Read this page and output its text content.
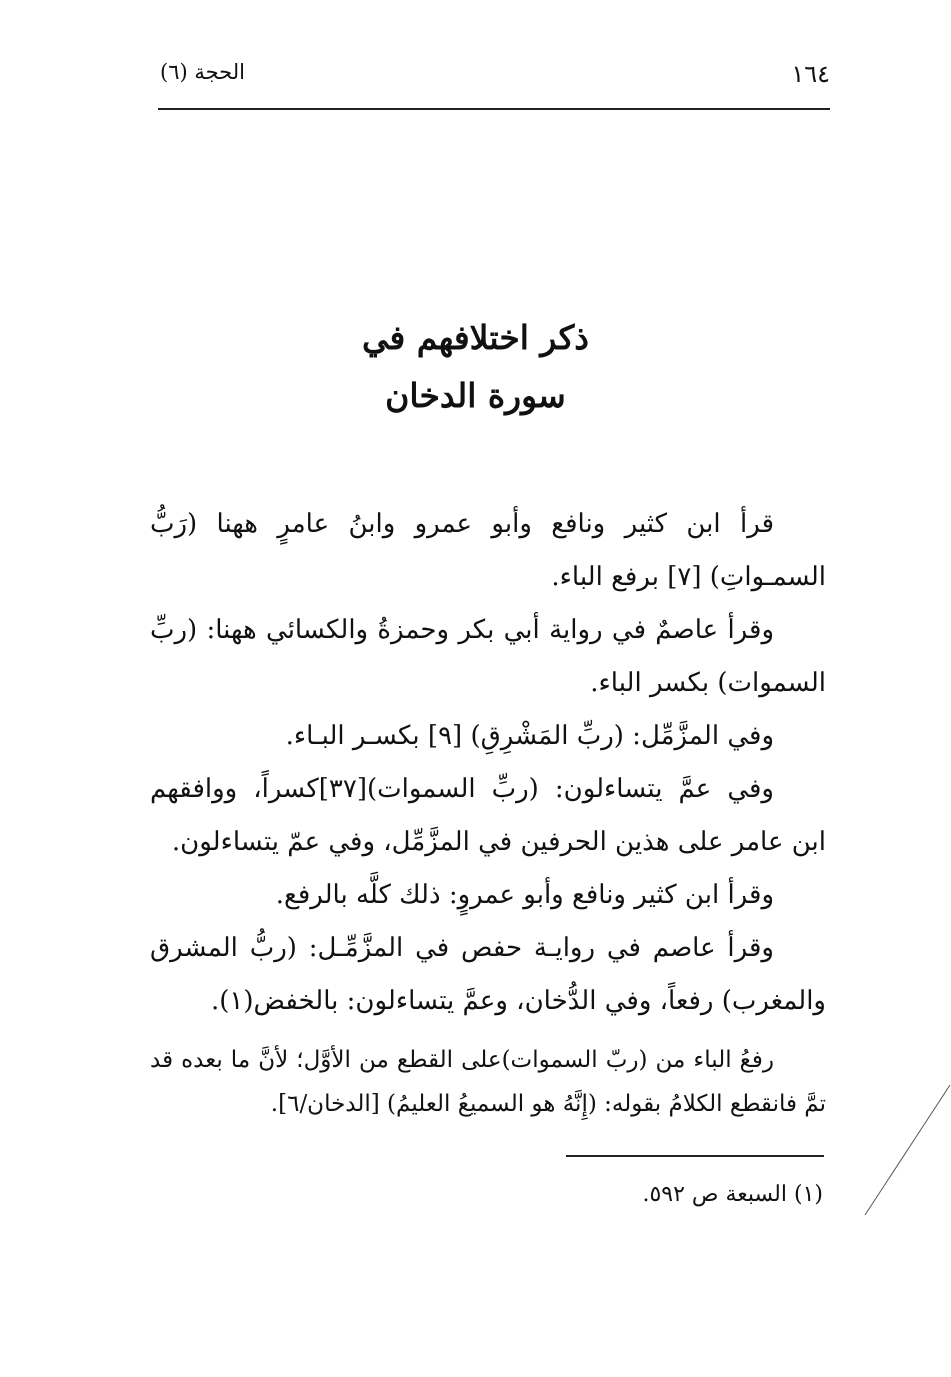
١٦٤
الحجة (٦)
ذكر اختلافهم في
سورة الدخان

قرأ ابن كثير ونافع وأبو عمرو وابنُ عامرٍ ههنا (رَبُّ السمـواتِ) [٧] برفع الباء.

وقرأ عاصمٌ في رواية أبي بكر وحمزةُ والكسائي ههنا: (ربِّ السموات) بكسر الباء.

وفي المزَّمِّل: (ربِّ المَشْرِقِ) [٩] بكسـر البـاء.

وفي عمَّ يتساءلون: (ربِّ السموات)[٣٧]كسراً، ووافقهم ابن عامر على هذين الحرفين في المزَّمِّل، وفي عمّ يتساءلون.

وقرأ ابن كثير ونافع وأبو عمروٍ: ذلك كلَّه بالرفع.

وقرأ عاصم في روايـة حفص في المزَّمِّـل: (ربُّ المشرق والمغرب) رفعاً، وفي الدُّخان، وعمَّ يتساءلون: بالخفض(١).

رفعُ الباء من (ربّ السموات)على القطع من الأوَّل؛ لأنَّ ما بعده قد تمَّ فانقطع الكلامُ بقوله: (إِنَّهُ هو السميعُ العليمُ) [الدخان/٦].

(١) السبعة ص ٥٩٢.
